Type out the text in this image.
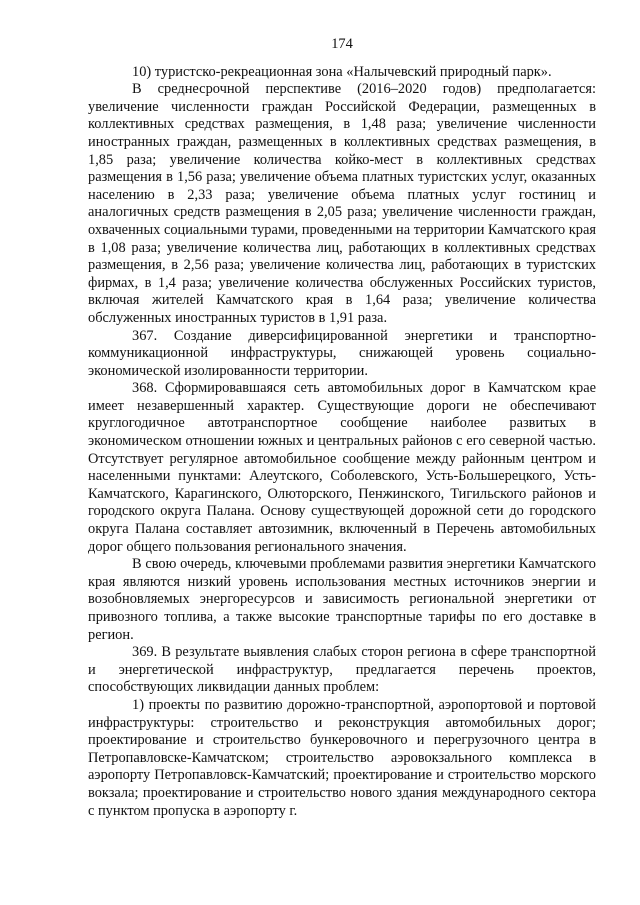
174

10) туристско-рекреационная зона «Налычевский природный парк».

В среднесрочной перспективе (2016–2020 годов) предполагается: увеличение численности граждан Российской Федерации, размещенных в коллективных средствах размещения, в 1,48 раза; увеличение численности иностранных граждан, размещенных в коллективных средствах размещения, в 1,85 раза; увеличение количества койко-мест в коллективных средствах размещения в 1,56 раза; увеличение объема платных туристских услуг, оказанных населению в 2,33 раза; увеличение объема платных услуг гостиниц и аналогичных средств размещения в 2,05 раза; увеличение численности граждан, охваченных социальными турами, проведенными на территории Камчатского края в 1,08 раза; увеличение количества лиц, работающих в коллективных средствах размещения, в 2,56 раза; увеличение количества лиц, работающих в туристских фирмах, в 1,4 раза; увеличение количества обслуженных Российских туристов, включая жителей Камчатского края в 1,64 раза; увеличение количества обслуженных иностранных туристов в 1,91 раза.

367. Создание диверсифицированной энергетики и транспортно-коммуникационной инфраструктуры, снижающей уровень социально-экономической изолированности территории.

368. Сформировавшаяся сеть автомобильных дорог в Камчатском крае имеет незавершенный характер. Существующие дороги не обеспечивают круглогодичное автотранспортное сообщение наиболее развитых в экономическом отношении южных и центральных районов с его северной частью. Отсутствует регулярное автомобильное сообщение между районным центром и населенными пунктами: Алеутского, Соболевского, Усть-Большерецкого, Усть-Камчатского, Карагинского, Олюторского, Пенжинского, Тигильского районов и городского округа Палана. Основу существующей дорожной сети до городского округа Палана составляет автозимник, включенный в Перечень автомобильных дорог общего пользования регионального значения.

В свою очередь, ключевыми проблемами развития энергетики Камчатского края являются низкий уровень использования местных источников энергии и возобновляемых энергоресурсов и зависимость региональной энергетики от привозного топлива, а также высокие транспортные тарифы по его доставке в регион.

369. В результате выявления слабых сторон региона в сфере транспортной и энергетической инфраструктур, предлагается перечень проектов, способствующих ликвидации данных проблем:

1) проекты по развитию дорожно-транспортной, аэропортовой и портовой инфраструктуры: строительство и реконструкция автомобильных дорог; проектирование и строительство бункеровочного и перегрузочного центра в Петропавловске-Камчатском; строительство аэровокзального комплекса в аэропорту Петропавловск-Камчатский; проектирование и строительство морского вокзала; проектирование и строительство нового здания международного сектора с пунктом пропуска в аэропорту г.
